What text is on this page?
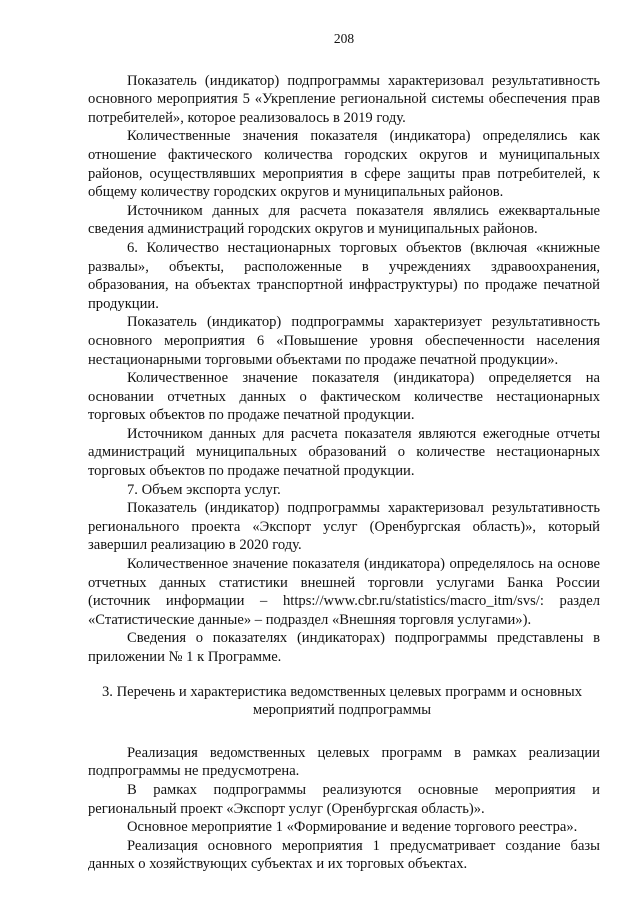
208

Показатель (индикатор) подпрограммы характеризовал результативность основного мероприятия 5 «Укрепление региональной системы обеспечения прав потребителей», которое реализовалось в 2019 году.

Количественные значения показателя (индикатора) определялись как отношение фактического количества городских округов и муниципальных районов, осуществлявших мероприятия в сфере защиты прав потребителей, к общему количеству городских округов и муниципальных районов.

Источником данных для расчета показателя являлись ежеквартальные сведения администраций городских округов и муниципальных районов.

6. Количество нестационарных торговых объектов (включая «книжные развалы», объекты, расположенные в учреждениях здравоохранения, образования, на объектах транспортной инфраструктуры) по продаже печатной продукции.

Показатель (индикатор) подпрограммы характеризует результативность основного мероприятия 6 «Повышение уровня обеспеченности населения нестационарными торговыми объектами по продаже печатной продукции».

Количественное значение показателя (индикатора) определяется на основании отчетных данных о фактическом количестве нестационарных торговых объектов по продаже печатной продукции.

Источником данных для расчета показателя являются ежегодные отчеты администраций муниципальных образований о количестве нестационарных торговых объектов по продаже печатной продукции.

7. Объем экспорта услуг.

Показатель (индикатор) подпрограммы характеризовал результативность регионального проекта «Экспорт услуг (Оренбургская область)», который завершил реализацию в 2020 году.

Количественное значение показателя (индикатора) определялось на основе отчетных данных статистики внешней торговли услугами Банка России (источник информации – https://www.cbr.ru/statistics/macro_itm/svs/: раздел «Статистические данные» – подраздел «Внешняя торговля услугами»).

Сведения о показателях (индикаторах) подпрограммы представлены в приложении № 1 к Программе.

3. Перечень и характеристика ведомственных целевых программ и основных мероприятий подпрограммы

Реализация ведомственных целевых программ в рамках реализации подпрограммы не предусмотрена.

В рамках подпрограммы реализуются основные мероприятия и региональный проект «Экспорт услуг (Оренбургская область)».

Основное мероприятие 1 «Формирование и ведение торгового реестра».

Реализация основного мероприятия 1 предусматривает создание базы данных о хозяйствующих субъектах и их торговых объектах.
